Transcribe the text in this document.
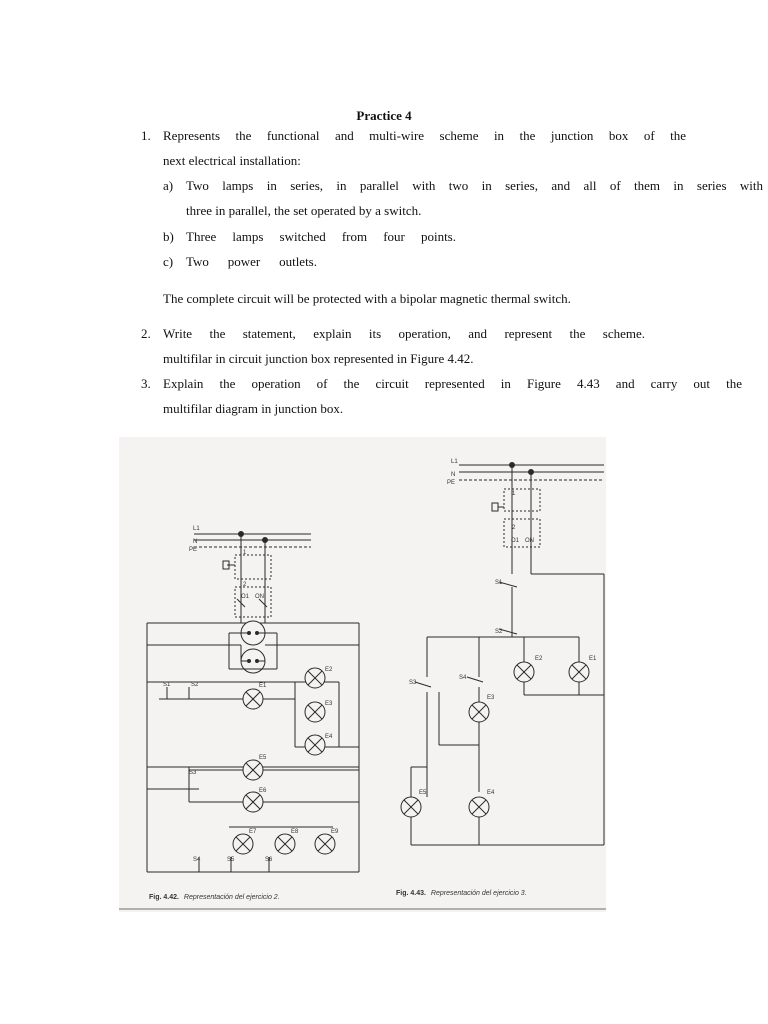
Practice 4
1. Represents the functional and multi-wire scheme in the junction box of the
next electrical installation:
a) Two lamps in series, in parallel with two in series, and all of them in series with
three in parallel, the set operated by a switch.
b) Three lamps switched from four points.
c) Two power outlets.
The complete circuit will be protected with a bipolar magnetic thermal switch.
2. Write the statement, explain its operation, and represent the scheme.
multifilar in circuit junction box represented in Figure 4.42.
3. Explain the operation of the circuit represented in Figure 4.43 and carry out the
multifilar diagram in junction box.
L1
N
PE	1
2
O1 ON
S1	S2	E1
E2
E3
E4
E5
E6
S3
E7	E8	E9
S4	S5	S6
Fig. 4.42. Representación del ejercicio 2.
L1
N
PE
1
2
O1 ON
S1
S2
E2	E1
S3
S4
E3
E5	E4
Fig. 4.43. Representación del ejercicio 3.
